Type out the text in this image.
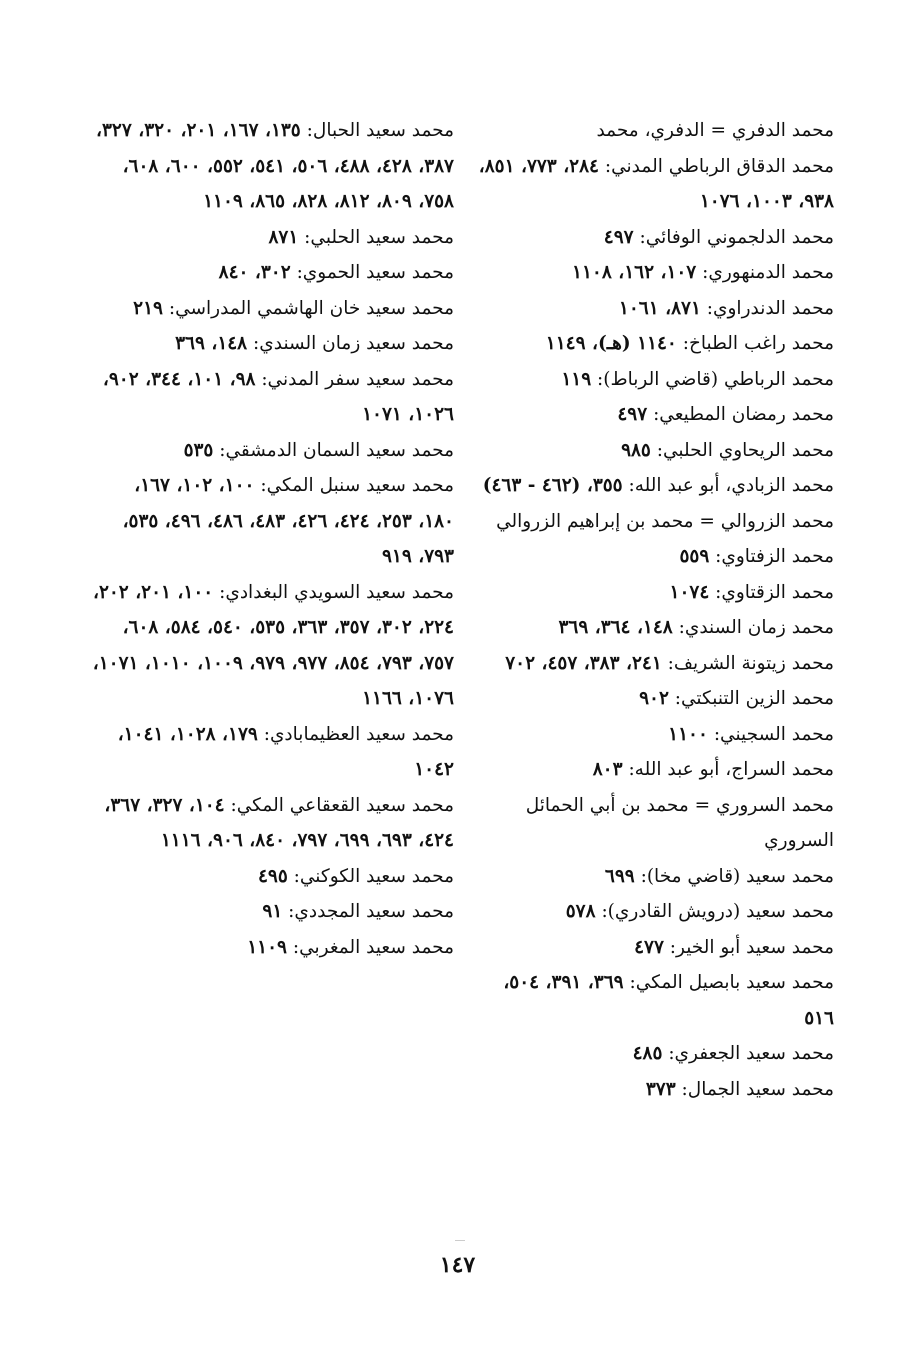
محمد الدفري = الدفري، محمد

محمد الدقاق الرباطي المدني: ٢٨٤، ٧٧٣، ٨٥١، ٩٣٨، ١٠٠٣، ١٠٧٦

محمد الدلجموني الوفائي: ٤٩٧

محمد الدمنهوري: ١٠٧، ١٦٢، ١١٠٨

محمد الدندراوي: ٨٧١، ١٠٦١

محمد راغب الطباخ: ١١٤٠ (هـ)، ١١٤٩

محمد الرباطي (قاضي الرباط): ١١٩

محمد رمضان المطيعي: ٤٩٧

محمد الريحاوي الحلبي: ٩٨٥

محمد الزبادي، أبو عبد الله: ٣٥٥، (٤٦٢ - ٤٦٣)

محمد الزروالي = محمد بن إبراهيم الزروالي

محمد الزفتاوي: ٥٥٩

محمد الزقتاوي: ١٠٧٤

محمد زمان السندي: ١٤٨، ٣٦٤، ٣٦٩

محمد زيتونة الشريف: ٢٤١، ٣٨٣، ٤٥٧، ٧٠٢

محمد الزين التنبكتي: ٩٠٢

محمد السجيني: ١١٠٠

محمد السراج، أبو عبد الله: ٨٠٣

محمد السروري = محمد بن أبي الحمائل السروري

محمد سعيد (قاضي مخا): ٦٩٩

محمد سعيد (درويش القادري): ٥٧٨

محمد سعيد أبو الخير: ٤٧٧

محمد سعيد بابصيل المكي: ٣٦٩، ٣٩١، ٥٠٤، ٥١٦

محمد سعيد الجعفري: ٤٨٥

محمد سعيد الجمال: ٣٧٣

محمد سعيد الحبال: ١٣٥، ١٦٧، ٢٠١، ٣٢٠، ٣٢٧، ٣٨٧، ٤٢٨، ٤٨٨، ٥٠٦، ٥٤١، ٥٥٢، ٦٠٠، ٦٠٨، ٧٥٨، ٨٠٩، ٨١٢، ٨٢٨، ٨٦٥، ١١٠٩

محمد سعيد الحلبي: ٨٧١

محمد سعيد الحموي: ٣٠٢، ٨٤٠

محمد سعيد خان الهاشمي المدراسي: ٢١٩

محمد سعيد زمان السندي: ١٤٨، ٣٦٩

محمد سعيد سفر المدني: ٩٨، ١٠١، ٣٤٤، ٩٠٢، ١٠٢٦، ١٠٧١

محمد سعيد السمان الدمشقي: ٥٣٥

محمد سعيد سنبل المكي: ١٠٠، ١٠٢، ١٦٧، ١٨٠، ٢٥٣، ٤٢٤، ٤٢٦، ٤٨٣، ٤٨٦، ٤٩٦، ٥٣٥، ٧٩٣، ٩١٩

محمد سعيد السويدي البغدادي: ١٠٠، ٢٠١، ٢٠٢، ٢٢٤، ٣٠٢، ٣٥٧، ٣٦٣، ٥٣٥، ٥٤٠، ٥٨٤، ٦٠٨، ٧٥٧، ٧٩٣، ٨٥٤، ٩٧٧، ٩٧٩، ١٠٠٩، ١٠١٠، ١٠٧١، ١٠٧٦، ١١٦٦

محمد سعيد العظيمابادي: ١٧٩، ١٠٢٨، ١٠٤١، ١٠٤٢

محمد سعيد القعقاعي المكي: ١٠٤، ٣٢٧، ٣٦٧، ٤٢٤، ٦٩٣، ٦٩٩، ٧٩٧، ٨٤٠، ٩٠٦، ١١١٦

محمد سعيد الكوكني: ٤٩٥

محمد سعيد المجددي: ٩١

محمد سعيد المغربي: ١١٠٩

١٤٧
